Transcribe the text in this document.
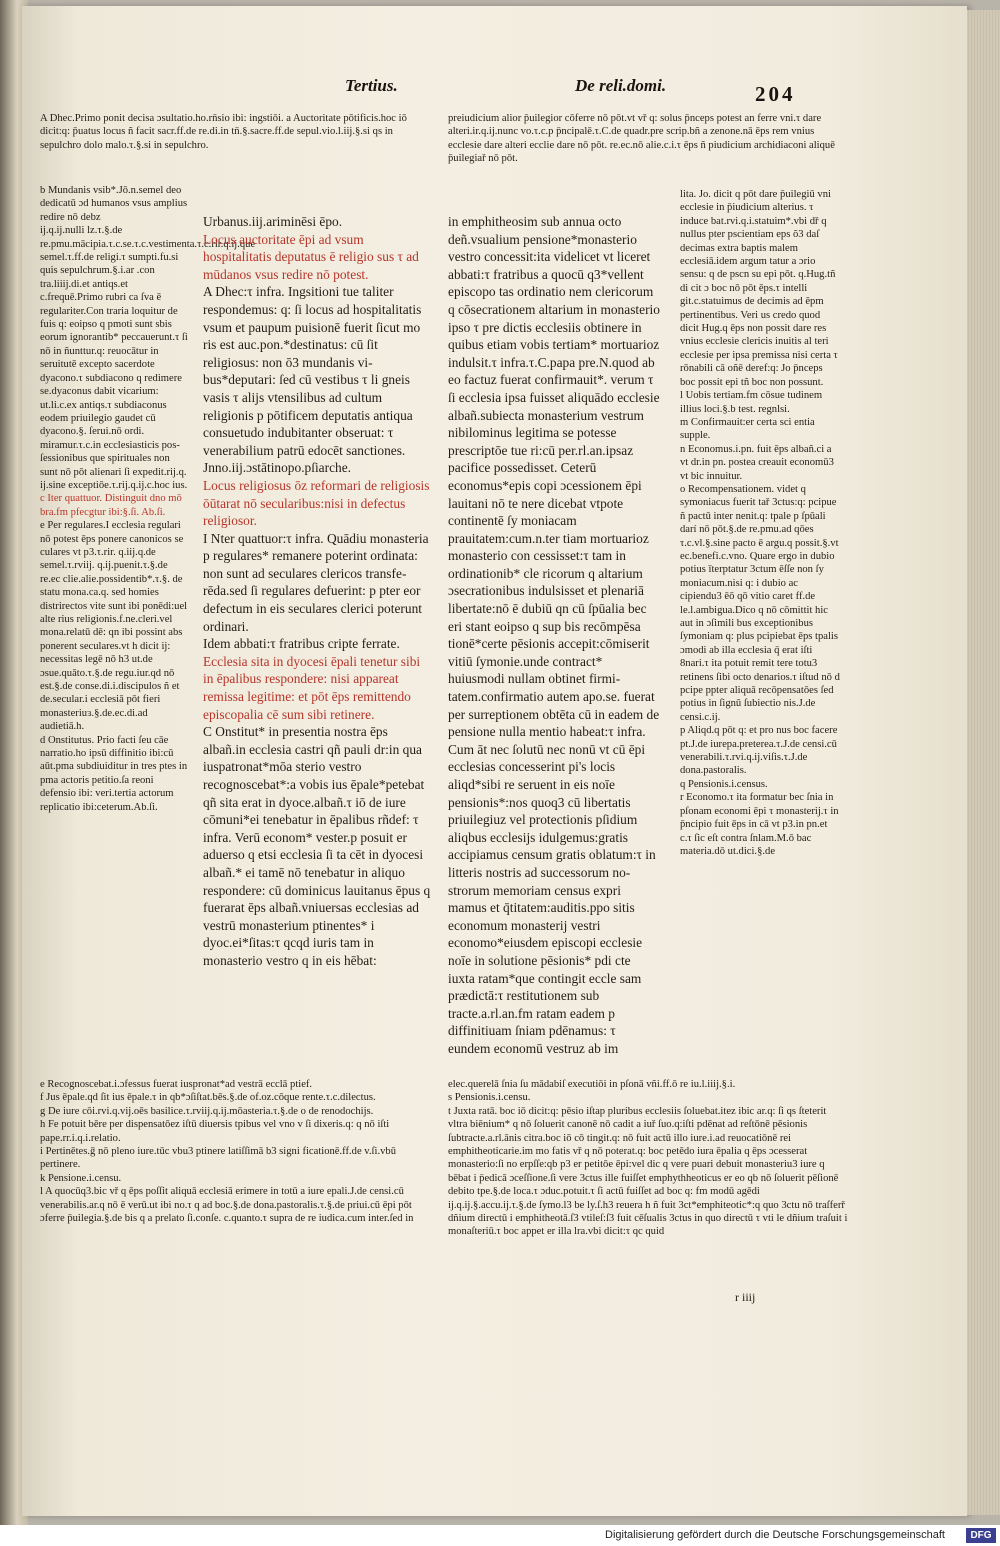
Tertius.	De reli.domi.	204
A Dhec.Primo ponit decisa ɔsultatio.ho.rn̄sio ibi: ingstiōi. a Auctoritate pōtificis.hoc iō dicit:q: p̄uatus locus ñ facit sacr.ff.de re.di.in tn̄.§.sacre.ff.de sepul.vio.l.iij.§.si qs in sepulchro dolo malo.τ.§.si in sepulchro.
preiudicium alior p̄uilegior cōferre nō pōt.vt vř q: solus p̄nceps potest an ferre vni.τ dare alteri.ir.q.ij.nunc vo.τ.c.p p̄ncipalē.τ.C.de quadr.pre scrip.bñ a zenone.nā ēps rem vnius ecclesie dare alteri ecclie dare nō pōt. re.ec.nō alie.c.i.τ ēps ñ piudicium archidiaconi aliquē p̄uilegiař nō pōt.
b Mundanis vsib*.Jō.n.semel deo dedicatū ɔd humanos vsus amplius redire nō debz
ij.q.ij.nulli lz.τ.§.de re.pmu.mācipia.τ.c.se.τ.c.vestimenta.τ.c.rir.q.ij.que semel.τ.ff.de religi.τ sumpti.fu.si quis sepulchrum.§.i.ar .con tra.liiij.di.et antiqs.et c.frequē.Primo rubri ca ſva ē regulariter.Con traria loquitur de fuis q: eoipso q pmoti sunt sbis eorum ignorantib* peccauerunt.τ ſi nō in ñunttur.q: reuocātur in seruitutē excepto sacerdote dyacono.τ subdiacono q redimere se.dyaconus dabit vicarium: ut.li.c.ex antiqs.τ subdiaconus eodem priuilegio gaudet cū dyacono.§. ſerui.nō ordi. miramur.τ.c.in ecclesiasticis posſessionibus que spirituales non sunt nō pōt alienari ſi expedit.rij.q. ij.sine exceptiōe.τ.rij.q.ij.c.hoc ius.
c Iter quattuor. Distinguit dno mō bra.fm pfecgtur ibi:§.ſi. Ab.ſi.
e Per regulares.I ecclesia regulari nō potest ēps ponere canonicos se culares vt p3.τ.rir. q.iij.q.de semel.τ.rviij. q.ij.puenit.τ.§.de re.ec clie.alie.possidentib*.τ.§. de statu mona.ca.q. sed homies distrirectos vite sunt ibi ponēdi:uel alte rius religionis.f.ne.cleri.vel mona.relatū dē: qn ibi possint abs ponerent seculares.vt h dicit ij: necessitas legē nō h3 ut.de ɔsue.quāto.τ.§.de regu.iur.qd nō est.§.de conse.di.i.discipulos ñ et de.secular.i ecclesiā pōt fieri monasteriuɜ.§.de.ec.di.ad audietiā.h.
d Onstitutus. Prio facti ſeu cāe narratio.ho ipsū diffinitio ibi:cū aūt.pma subdiuiditur in tres ptes in pma actoris petitio.ſa reoni defensio ibi: veri.tertia actorum replicatio ibi:ceterum.Ab.ſi.
Urbanus.iij.ariminēsi ēpo.
Locus auctoritate ēpi ad vsum hospitalitatis deputatus ē religio sus τ ad mūdanos vsus redire nō potest.
A Dhec:τ infra. Ingsitioni tue taliter respondemus: q: ſi locus ad hospitalitatis vsum et paupum puisionē fuerit ſicut mo ris est auc.pon.*destinatus: cū ſit religiosus: non ō3 mundanis vibus*deputari: ſed cū vestibus τ li gneis vasis τ alijs vtensilibus ad cultum religionis p pōtificem deputatis antiqua consuetudo indubitanter obseruat: τ venerabilium patrū edocēt sanctiones.
Jnno.iij.ɔstātinopo.pſiarche.
Locus religiosus ōz reformari de religiosis ōūtarat nō secularibus:nisi in defectus religiosor.
I Nter quattuor:τ infra. Quādiu monasteria p regulares* remanere poterint ordinata: non sunt ad seculares clericos transferēda.sed ſi regulares defuerint: p pter eor defectum in eis seculares clerici poterunt ordinari.
Idem abbati:τ fratribus cripte ferrate.
Ecclesia sita in dyocesi ēpali tenetur sibi in ēpalibus respondere: nisi appareat remissa legitime: et pōt ēps remittendo episcopalia cē sum sibi retinere.
C Onstitut* in presentia nostra ēps albañ.in ecclesia castri qñ pauli dr:in qua iuspatronat*mōa sterio vestro recognoscebat*:a vobis ius ēpale*petebat qñ sita erat in dyoce.albañ.τ iō de iure cōmuni*ei tenebatur in ēpalibus rñdef: τ infra. Verū econom* vester.p posuit er aduerso q etsi ecclesia ſi ta cēt in dyocesi albañ.* ei tamē nō tenebatur in aliquo respondere: cū dominicus lauitanus ēpus q fuerarat ēps albañ.vniuersas ecclesias ad vestrū monasterium ptinentes* i dyoc.ei*ſitas:τ qcqd iuris tam in monasterio vestro q in eis hēbat:
in emphitheosim sub annua octo deñ.vsualium pensione*monasterio vestro concessit:ita videlicet vt liceret abbati:τ fratribus a quocū q3*vellent episcopo tas ordinatio nem clericorum q cōsecrationem altarium in monasterio ipso τ pre dictis ecclesiis obtinere in quibus etiam vobis tertiam* mortuarioz indulsit.τ infra.τ.C.papa pre.N.quod ab eo factuz fuerat confirmauit*. verum τ ſi ecclesia ipsa fuisset aliquādo ecclesie albañ.subiecta monasterium vestrum nibilominus legitima se potesse prescriptōe tue ri:cū per.rl.an.ipsaz pacifice possedisset. Ceterū economus*epis copi ɔcessionem ēpi lauitani nō te nere dicebat vtpote continentē ſy moniacam prauitatem:cum.n.ter tiam mortuarioz monasterio con cessisset:τ tam in ordinationib* cle ricorum q altarium ɔsecrationibus indulsisset et plenariā libertate:nō ē dubiū qn cū ſpūalia bec eri stant eoipso q sup bis recōmpēsa tionē*certe pēsionis accepit:cōmiserit vitiū ſymonie.unde contract* huiusmodi nullam obtinet firmitatem.confirmatio autem apo.se. fuerat per surreptionem obtēta cū in eadem de pensione nulla mentio habeat:τ infra. Cum āt nec ſolutū nec nonū vt cū ēpi ecclesias concesserint pi's locis aliqd*sibi re seruent in eis noīe pensionis*:nos quoq3 cū libertatis priuilegiuz vel protectionis pſidium aliqbus ecclesijs idulgemus:gratis accipiamus censum gratis oblatum:τ in litteris nostris ad successorum nostrorum memoriam census expri mamus et q̄titatem:auditis.ppo sitis economum monasterij vestri economo*eiusdem episcopi ecclesie noīe in solutione pēsionis* pdi cte iuxta ratam*que contingit eccle sam prædictā:τ restitutionem sub tracte.a.rl.an.fm ratam eadem p diffinitiuam ſniam pdēnamus: τ eundem economū vestruz ab im
lita. Jo. dicit q pōt dare p̄uilegiū vni ecclesie in p̄iudicium alterius. τ induce bat.rvi.q.i.statuim*.vbi dř q nullus pter pscientiam eps õ3 daſ decimas extra baptis malem ecclesiā.idem argum tatur a ɔrio sensu: q de pscn su epi pōt. q.Hug.tñ di cit ɔ boc nō pōt ēps.τ intelli git.c.statuimus de decimis ad ēpm pertinentibus. Veri us credo quod dicit Hug.q ēps non possit dare res vnius ecclesie clericis inuitis al teri ecclesie per ipsa premissa nisi certa τ rōnabili cā oñē deref:q: Jo p̄nceps boc possit epi tñ boc non possunt.
l Uobis tertiam.fm cōsue tudinem illius loci.§.b test. regnlsi.
m Confirmauit:er certa sci entia supple.
n Economus.i.pn. fuit ēps albañ.ci a vt dr.in pn. postea creauit economū3 vt bic innuitur.
o Recompensationem. videt q symoniacus fuerit tař 3ctus:q: pcipue ñ pactū inter nenit.q: tpale p ſpūali darí nō pōt.§.de re.pmu.ad qōes τ.c.vl.§.sine pacto ē argu.q possit.§.vt ec.benefi.c.vno. Quare ergo in dubio potius īterptatur 3ctum ēſſe non ſy moniacum.nisi q: i dubio ac cipiendu3 ēō qō vitio caret ff.de le.l.ambigua.Dico q nō cōmittit hic aut in ɔſimili bus exceptionibus ſymoniam q: plus pcipiebat ēps tpalis ɔmodi ab illa ecclesia q̄ erat iſti 8nari.τ ita potuit remit tere totu3 retinens ſibi octo denarios.τ iſtud nō d pcipe ppter aliquā recōpensatōes ſed potius in ſignū ſubiectio nis.J.de censi.c.ij.
p Aliqd.q pōt q: et pro nus boc facere pt.J.de iurepa.preterea.τ.J.de censi.cū venerabili.τ.rvi.q.ij.viſis.τ.J.de dona.pastoralis.
q Pensionis.i.census.
r Economo.τ ita formatur bec ſnia in pſonam economi ēpi τ monasterij.τ in p̄ncipio fuit ēps in cā vt p3.in pn.et c.τ ſic eſt contra ſnlam.M.ō bac materia.dō ut.dici.§.de
e Recognoscebat.i.ɔfessus fuerat iuspronat*ad vestrā ecclā ptief.
f Jus ēpale.qd ſit ius ēpale.τ in qb*ɔſiſtat.bēs.§.de of.oz.cōque rente.τ.c.dilectus.
g De iure cōi.rvi.q.vij.oēs basilice.τ.rviij.q.ij.mōasteria.τ.§.de o de renodochijs.
h Fe potuit bēre per dispensatōez iſtū diuersis tpibus vel vno v ſi dixeris.q: q nō iſti pape.rr.i.q.i.relatio.
i Pertinētes.ḡ nō pleno iure.tūc vbu3 ptinere latiſſimā b3 signi ficationē.ff.de v.ſi.vbū pertinere.
k Pensione.i.censu.
l A quocūq3.bic vř q ēps poſſit aliquā ecclesiā erimere in totū a iure epali.J.de censi.cū venerabilis.ar.q nō ē verū.ut ibi no.τ q ad boc.§.de dona.pastoralis.τ.§.de priui.cū ēpi pōt ɔferre p̄uilegia.§.de bis q a prelato ſi.conſe. c.quanto.τ supra de re iudica.cum inter.ſed in
elec.querelā ſnia ſu mādabiſ executiōi in pſonā vñi.ff.ō re iu.l.iiij.§.i.
s Pensionis.i.censu.
t Juxta ratā. boc iō dicit:q: pēsio iſtap pluribus ecclesiis ſoluebat.itez ibic ar.q: ſi qs ſteterit vltra biēnium* q nō ſoluerit canonē nō cadit a iuř ſuo.q:iſti pdēnat ad reſtōnē pēsionis ſubtracte.a.rl.ānis citra.boc iō cō tingit.q: nō fuit actū illo iure.i.ad reuocatiōnē rei emphitheoticarie.im mo fatis vř q nō poterat.q: boc petēdo iura ēpalia q ēps ɔcesserat monasterio:ſi no erpſſe:qb p3 er petitōe ēpi:vel dic q vere puari debuit monasteriu3 iure q bēbat i p̄edicā ɔceſſione.ſi vere 3ctus ille fuiſſet emphythheoticus er eo qb nō ſoluerit pēſionē debito tpe.§.de loca.τ ɔduc.potuit.τ ſi actū fuiſſet ad boc q: fm modū agēdi ij.q.ij.§.accu.ij.τ.§.de ſymo.l3 be ly.ſ.h3 reuera h ñ fuit 3ct*emphiteotic*:q quo 3ctu nō traſferř dñium directū i emphitheotā.ſ3 vtileſ:ſ3 fuit cēſualis 3ctus in quo directū τ vti le dñium traſuit i monaſteriū.τ boc appet er illa lra.vbi dicit:τ qc quid
r iiij
Digitalisierung gefördert durch die Deutsche Forschungsgemeinschaft	DFG
